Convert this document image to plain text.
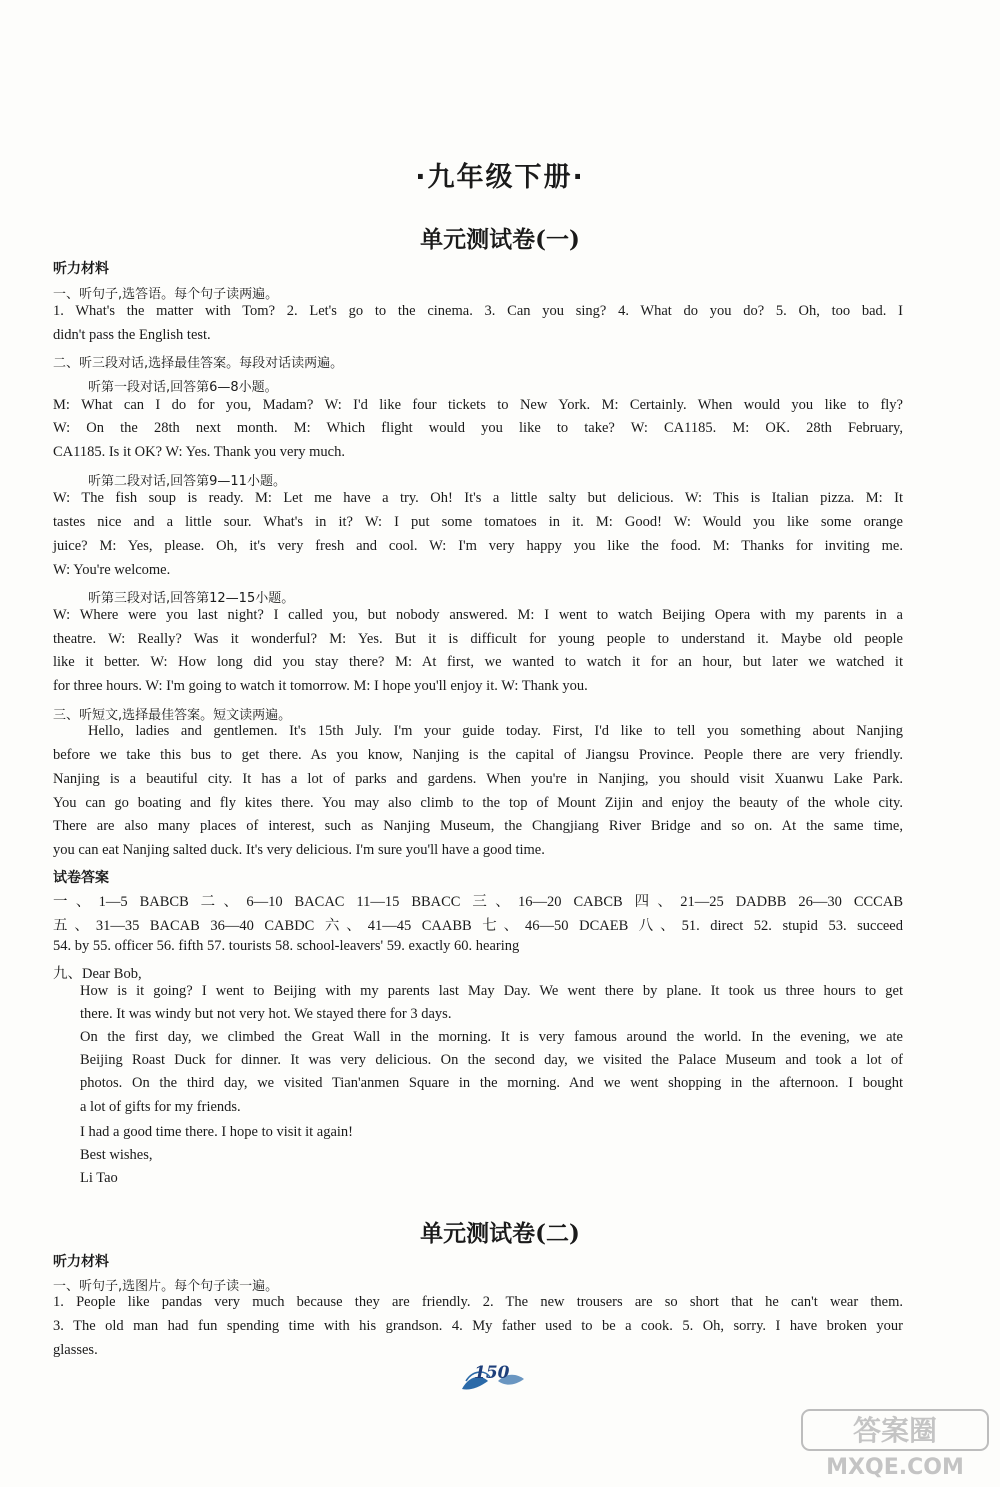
·九年级下册·
单元测试卷(一)
听力材料
一、听句子,选答语。每个句子读两遍。
1. What's the matter with Tom? 2. Let's go to the cinema. 3. Can you sing? 4. What do you do? 5. Oh, too bad. I
didn't pass the English test.
二、听三段对话,选择最佳答案。每段对话读两遍。
听第一段对话,回答第6—8小题。
M: What can I do for you, Madam? W: I'd like four tickets to New York. M: Certainly. When would you like to fly?
W: On the 28th next month. M: Which flight would you like to take? W: CA1185. M: OK. 28th February,
CA1185. Is it OK? W: Yes. Thank you very much.
听第二段对话,回答第9—11小题。
W: The fish soup is ready. M: Let me have a try. Oh! It's a little salty but delicious. W: This is Italian pizza. M: It
tastes nice and a little sour. What's in it? W: I put some tomatoes in it. M: Good! W: Would you like some orange
juice? M: Yes, please. Oh, it's very fresh and cool. W: I'm very happy you like the food. M: Thanks for inviting me.
W: You're welcome.
听第三段对话,回答第12—15小题。
W: Where were you last night? I called you, but nobody answered. M: I went to watch Beijing Opera with my parents in a
theatre. W: Really? Was it wonderful? M: Yes. But it is difficult for young people to understand it. Maybe old people
like it better. W: How long did you stay there? M: At first, we wanted to watch it for an hour, but later we watched it
for three hours. W: I'm going to watch it tomorrow. M: I hope you'll enjoy it. W: Thank you.
三、听短文,选择最佳答案。短文读两遍。
Hello, ladies and gentlemen. It's 15th July. I'm your guide today. First, I'd like to tell you something about Nanjing
before we take this bus to get there. As you know, Nanjing is the capital of Jiangsu Province. People there are very friendly.
Nanjing is a beautiful city. It has a lot of parks and gardens. When you're in Nanjing, you should visit Xuanwu Lake Park.
You can go boating and fly kites there. You may also climb to the top of Mount Zijin and enjoy the beauty of the whole city.
There are also many places of interest, such as Nanjing Museum, the Changjiang River Bridge and so on. At the same time,
you can eat Nanjing salted duck. It's very delicious. I'm sure you'll have a good time.
试卷答案
一、1—5 BABCB 二、6—10 BACAC 11—15 BBACC 三、16—20 CABCB 四、21—25 DADBB 26—30 CCCAB
五、31—35 BACAB 36—40 CABDC 六、41—45 CAABB 七、46—50 DCAEB 八、51. direct 52. stupid 53. succeed
54. by 55. officer 56. fifth 57. tourists 58. school-leavers' 59. exactly 60. hearing
九、Dear Bob,
How is it going? I went to Beijing with my parents last May Day. We went there by plane. It took us three hours to get
there. It was windy but not very hot. We stayed there for 3 days.
On the first day, we climbed the Great Wall in the morning. It is very famous around the world. In the evening, we ate
Beijing Roast Duck for dinner. It was very delicious. On the second day, we visited the Palace Museum and took a lot of
photos. On the third day, we visited Tian'anmen Square in the morning. And we went shopping in the afternoon. I bought
a lot of gifts for my friends.
I had a good time there. I hope to visit it again!
Best wishes,
Li Tao
单元测试卷(二)
听力材料
一、听句子,选图片。每个句子读一遍。
1. People like pandas very much because they are friendly. 2. The new trousers are so short that he can't wear them.
3. The old man had fun spending time with his grandson. 4. My father used to be a cook. 5. Oh, sorry. I have broken your
glasses.
150
答案圈
MXQE.COM
